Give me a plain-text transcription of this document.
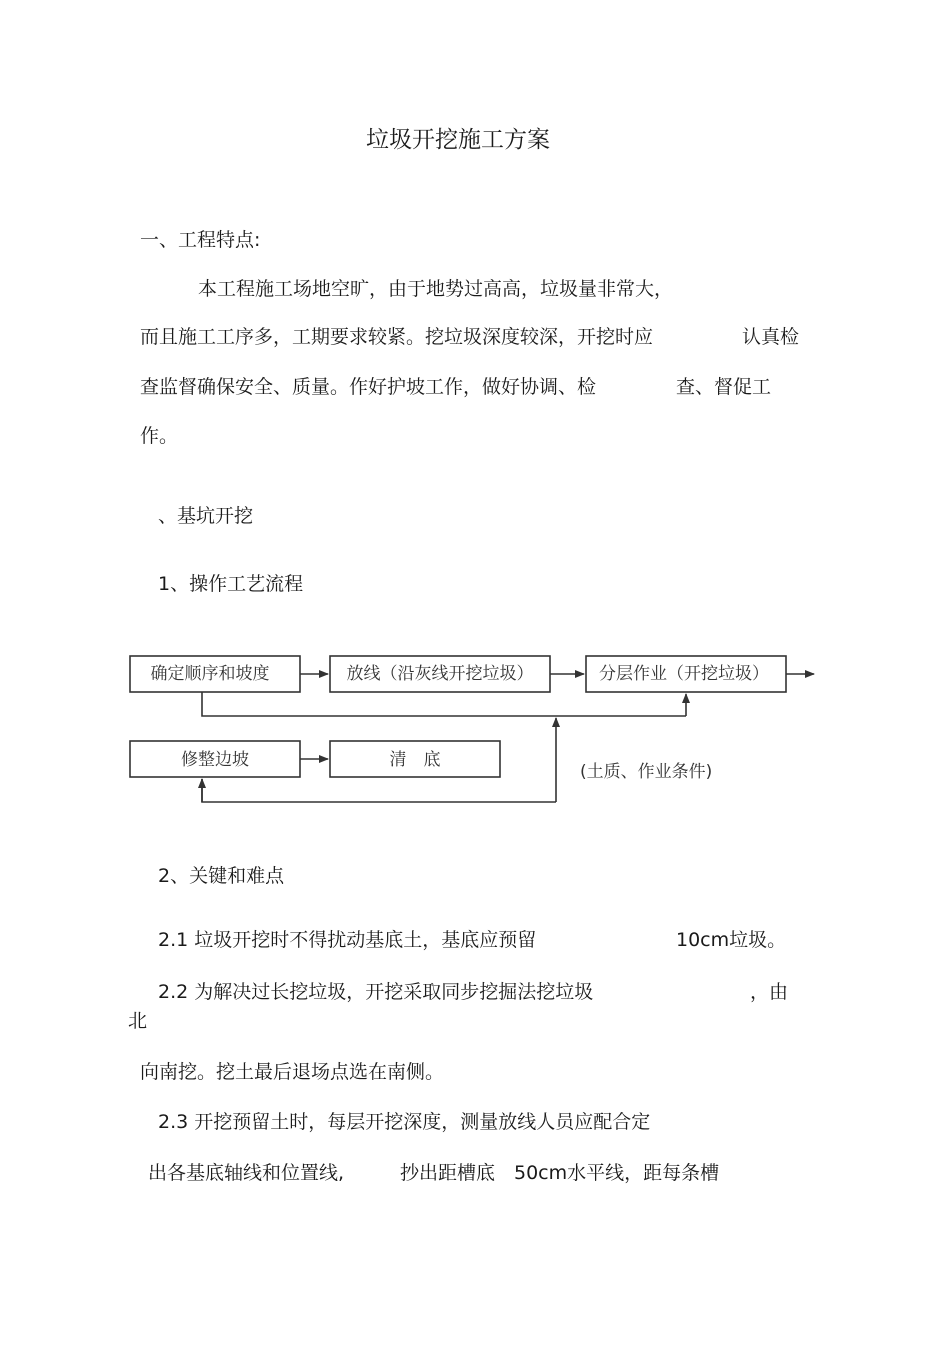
垃圾开挖施工方案
一、工程特点:
本工程施工场地空旷，由于地势过高高，垃圾量非常大，
而且施工工序多，工期要求较紧。挖垃圾深度较深，开挖时应	认真检
查监督确保安全、质量。作好护坡工作，做好协调、检	查、督促工
作。
、基坑开挖
1、操作工艺流程
确定顺序和坡度	放线（沿灰线开挖垃圾）	分层作业（开挖垃圾）
修整边坡	清　底
(土质、作业条件)
2、关键和难点
2.1 垃圾开挖时不得扰动基底土，基底应预留	10cm垃圾。
2.2 为解决过长挖垃圾，开挖采取同步挖掘法挖垃圾	，由
北
向南挖。挖土最后退场点选在南侧。
2.3 开挖预留土时，每层开挖深度，测量放线人员应配合定
出各基底轴线和位置线,	抄出距槽底 50cm水平线，距每条槽
